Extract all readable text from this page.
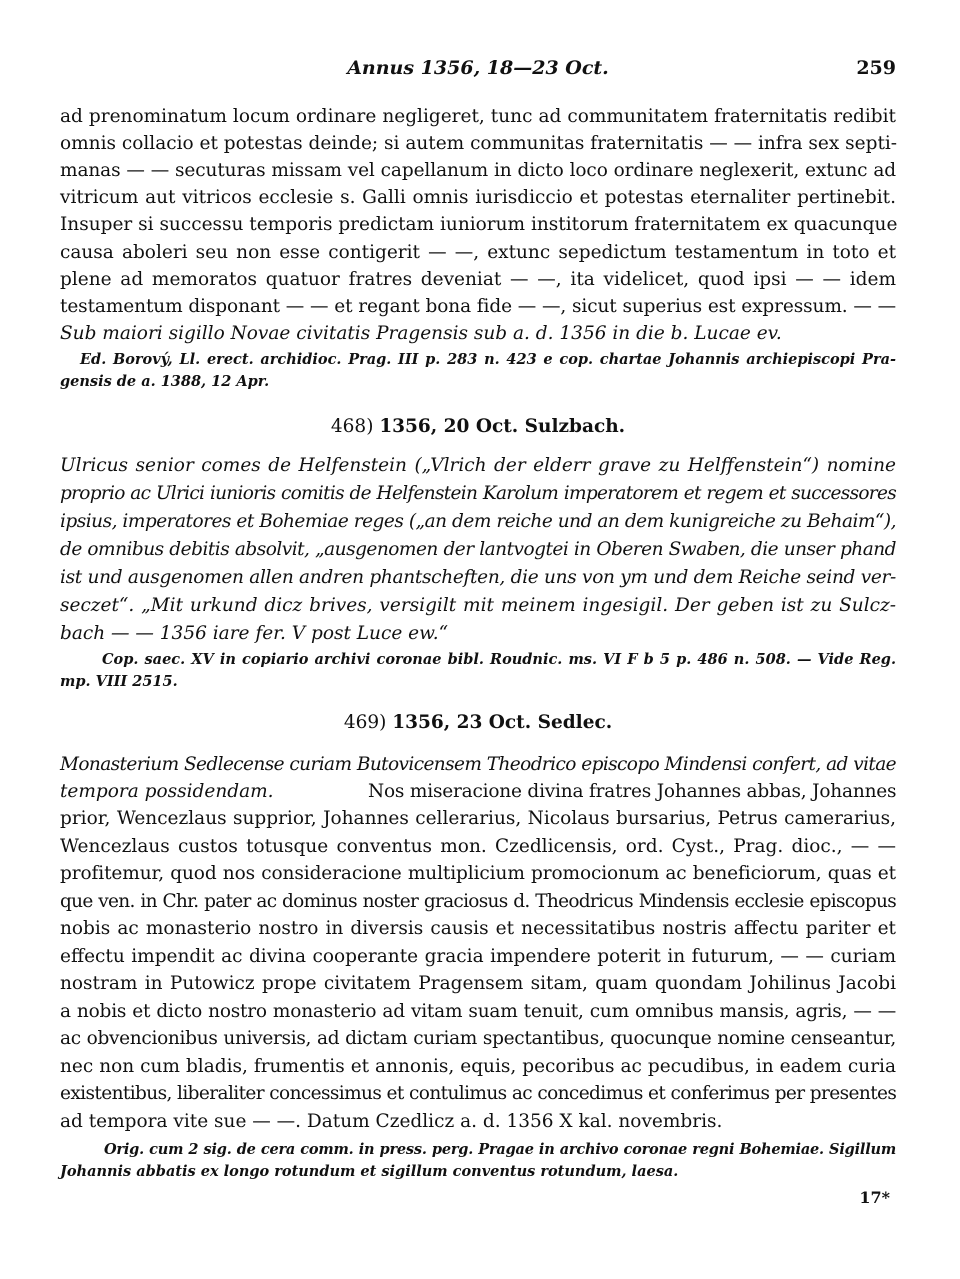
Annus 1356, 18—23 Oct.	259
ad prenominatum locum ordinare negligeret, tunc ad communitatem fraternitatis redibit
omnis collacio et potestas deinde; si autem communitas fraternitatis — — infra sex septi-
manas — — secuturas missam vel capellanum in dicto loco ordinare neglexerit, extunc ad
vitricum aut vitricos ecclesie s. Galli omnis iurisdiccio et potestas eternaliter pertinebit.
Insuper si successu temporis predictam iuniorum institorum fraternitatem ex quacunque
causa aboleri seu non esse contigerit — —, extunc sepedictum testamentum in toto et
plene ad memoratos quatuor fratres deveniat — —, ita videlicet, quod ipsi — — idem
testamentum disponant — — et regant bona fide — —, sicut superius est expressum. — —
Sub maiori sigillo Novae civitatis Pragensis sub a. d. 1356 in die b. Lucae ev.
Ed. Borový, Ll. erect. archidioc. Prag. III p. 283 n. 423 e cop. chartae Johannis archiepiscopi Pra-
gensis de a. 1388, 12 Apr.
468) 1356, 20 Oct. Sulzbach.
Ulricus senior comes de Helfenstein („Vlrich der elderr grave zu Helffenstein“) nomine
proprio ac Ulrici iunioris comitis de Helfenstein Karolum imperatorem et regem et successores
ipsius, imperatores et Bohemiae reges („an dem reiche und an dem kunigreiche zu Behaim“),
de omnibus debitis absolvit, „ausgenomen der lantvogtei in Oberen Swaben, die unser phand
ist und ausgenomen allen andren phantscheften, die uns von ym und dem Reiche seind ver-
seczet“. „Mit urkund dicz brives, versigilt mit meinem ingesigil. Der geben ist zu Sulcz-
bach — — 1356 iare fer. V post Luce ew.“
Cop. saec. XV in copiario archivi coronae bibl. Roudnic. ms. VI F b 5 p. 486 n. 508. — Vide Reg.
mp. VIII 2515.
469) 1356, 23 Oct. Sedlec.
Monasterium Sedlecense curiam Butovicensem Theodrico episcopo Mindensi confert, ad vitae
tempora possidendam.	Nos miseracione divina fratres Johannes abbas, Johannes
prior, Wencezlaus supprior, Johannes cellerarius, Nicolaus bursarius, Petrus camerarius,
Wencezlaus custos totusque conventus mon. Czedlicensis, ord. Cyst., Prag. dioc., — —
profitemur, quod nos consideracione multiplicium promocionum ac beneficiorum, quas et
que ven. in Chr. pater ac dominus noster graciosus d. Theodricus Mindensis ecclesie episcopus
nobis ac monasterio nostro in diversis causis et necessitatibus nostris affectu pariter et
effectu impendit ac divina cooperante gracia impendere poterit in futurum, — — curiam
nostram in Putowicz prope civitatem Pragensem sitam, quam quondam Johilinus Jacobi
a nobis et dicto nostro monasterio ad vitam suam tenuit, cum omnibus mansis, agris, — —
ac obvencionibus universis, ad dictam curiam spectantibus, quocunque nomine censeantur,
nec non cum bladis, frumentis et annonis, equis, pecoribus ac pecudibus, in eadem curia
existentibus, liberaliter concessimus et contulimus ac concedimus et conferimus per presentes
ad tempora vite sue — —. Datum Czedlicz a. d. 1356 X kal. novembris.
Orig. cum 2 sig. de cera comm. in press. perg. Pragae in archivo coronae regni Bohemiae. Sigillum
Johannis abbatis ex longo rotundum et sigillum conventus rotundum, laesa.
17*
